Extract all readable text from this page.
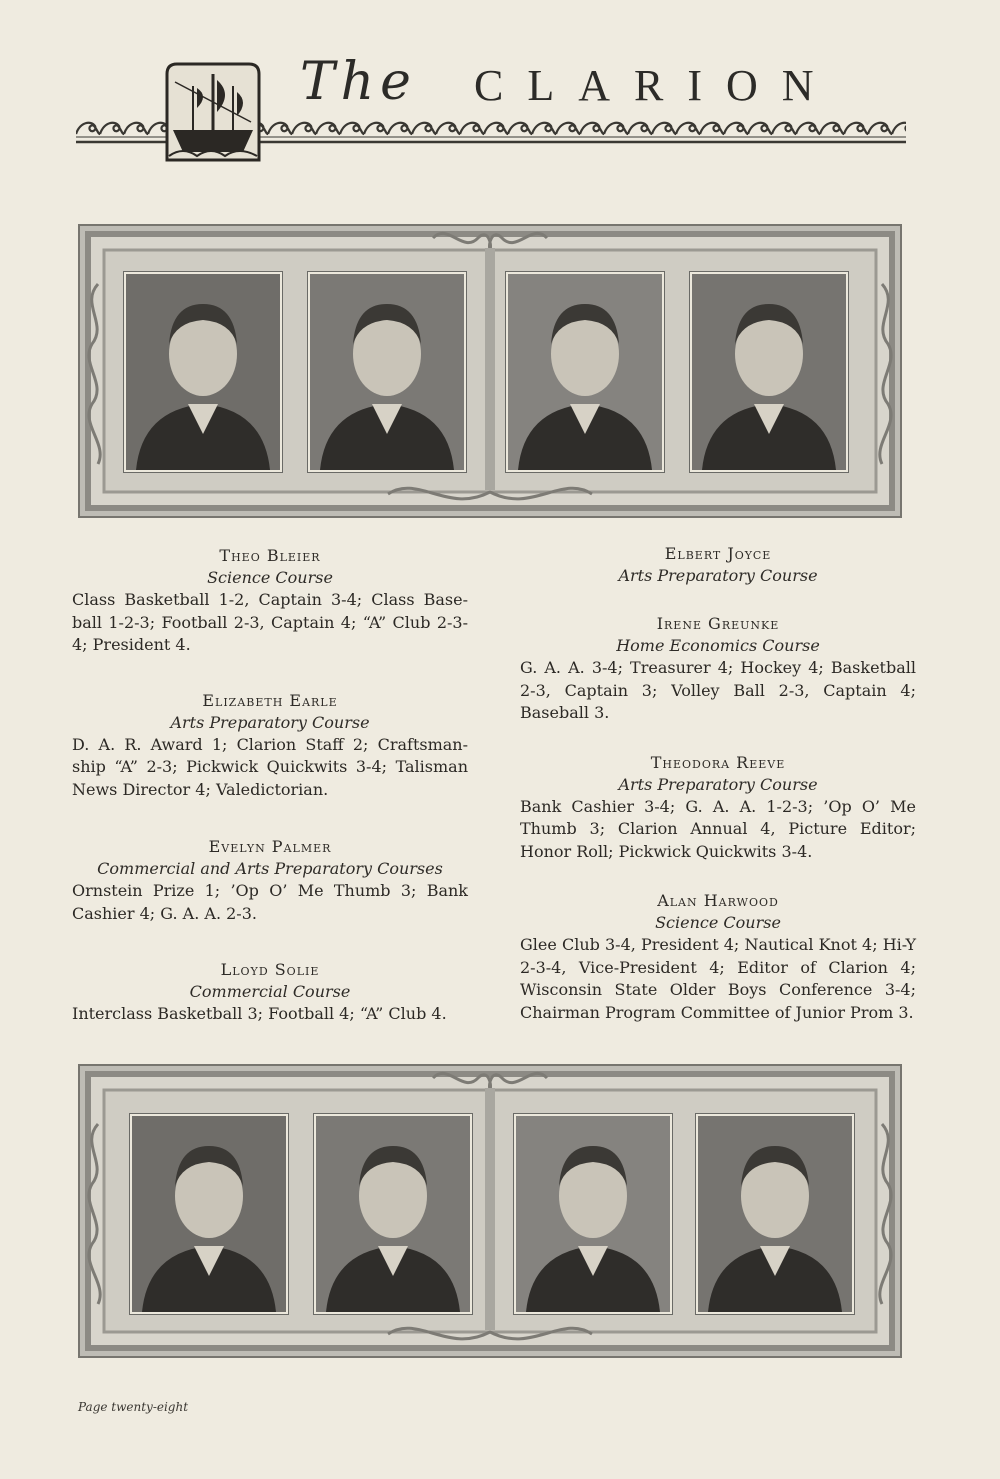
The CLARION
Theo Bleier
Science Course
Class Basketball 1-2, Captain 3-4; Class Base-ball 1-2-3; Football 2-3, Captain 4; “A” Club 2-3-4; President 4.
Elizabeth Earle
Arts Preparatory Course
D. A. R. Award 1; Clarion Staff 2; Craftsman-ship “A” 2-3; Pickwick Quickwits 3-4; Talisman News Director 4; Valedictorian.
Evelyn Palmer
Commercial and Arts Preparatory Courses
Ornstein Prize 1; ’Op O’ Me Thumb 3; Bank Cashier 4; G. A. A. 2-3.
Lloyd Solie
Commercial Course
Interclass Basketball 3; Football 4; “A” Club 4.
Elbert Joyce
Arts Preparatory Course
Irene Greunke
Home Economics Course
G. A. A. 3-4; Treasurer 4; Hockey 4; Basketball 2-3, Captain 3; Volley Ball 2-3, Captain 4; Baseball 3.
Theodora Reeve
Arts Preparatory Course
Bank Cashier 3-4; G. A. A. 1-2-3; ’Op O’ Me Thumb 3; Clarion Annual 4, Picture Editor; Honor Roll; Pickwick Quickwits 3-4.
Alan Harwood
Science Course
Glee Club 3-4, President 4; Nautical Knot 4; Hi-Y 2-3-4, Vice-President 4; Editor of Clarion 4; Wisconsin State Older Boys Conference 3-4; Chairman Program Committee of Junior Prom 3.
Page twenty-eight
